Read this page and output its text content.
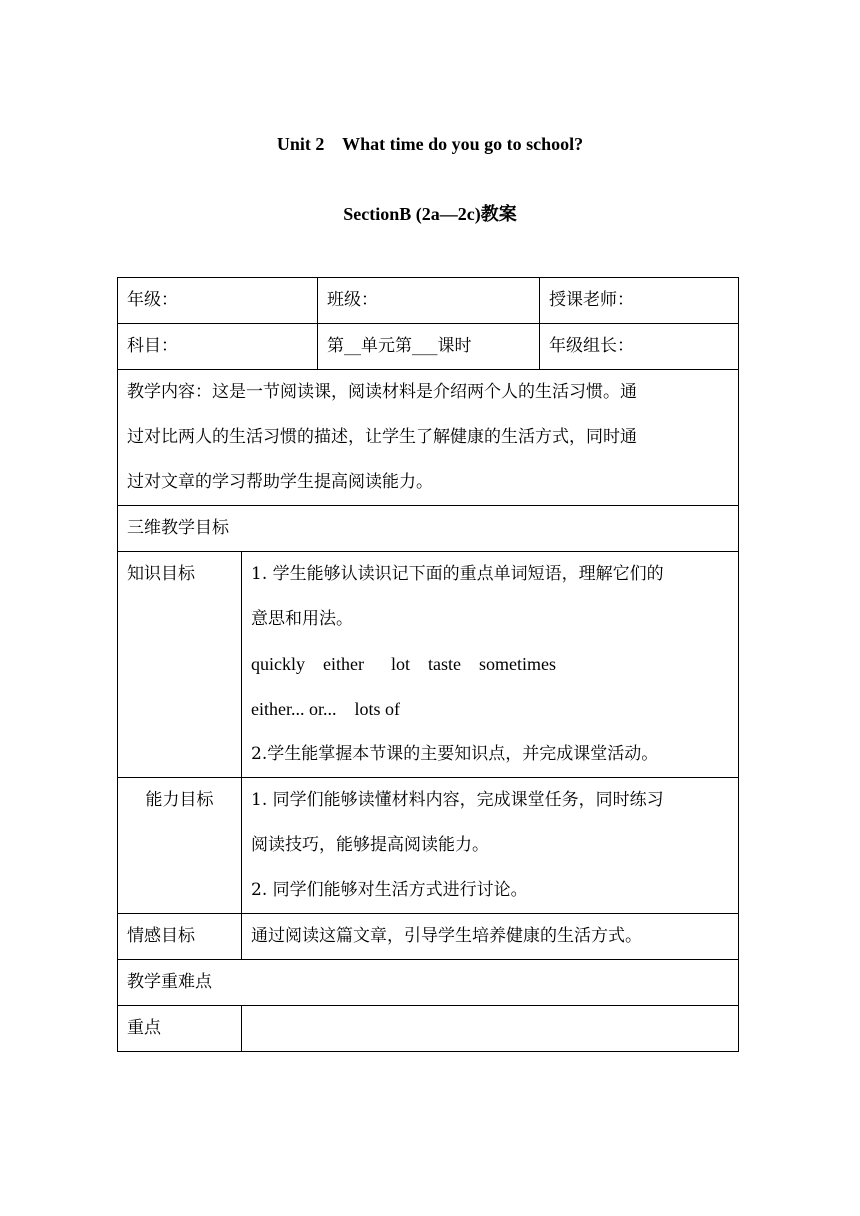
Unit 2    What time do you go to school?
SectionB (2a—2c)教案
年级：		班级：	授课老师：

科目：		第__单元第___课时	年级组长：

教学内容：这是一节阅读课，阅读材料是介绍两个人的生活习惯。通
过对比两人的生活习惯的描述，让学生了解健康的生活方式，同时通
过对文章的学习帮助学生提高阅读能力。			

三维教学目标			

知识目标	1. 学生能够认读识记下面的重点单词短语，理解它们的
意思和用法。
quickly    either      lot    taste    sometimes
either... or...    lots of
2.学生能掌握本节课的主要知识点，并完成课堂活动。		

能力目标	1. 同学们能够读懂材料内容，完成课堂任务，同时练习
阅读技巧，能够提高阅读能力。
2. 同学们能够对生活方式进行讨论。		

情感目标	通过阅读这篇文章，引导学生培养健康的生活方式。		

教学重难点			

重点			
